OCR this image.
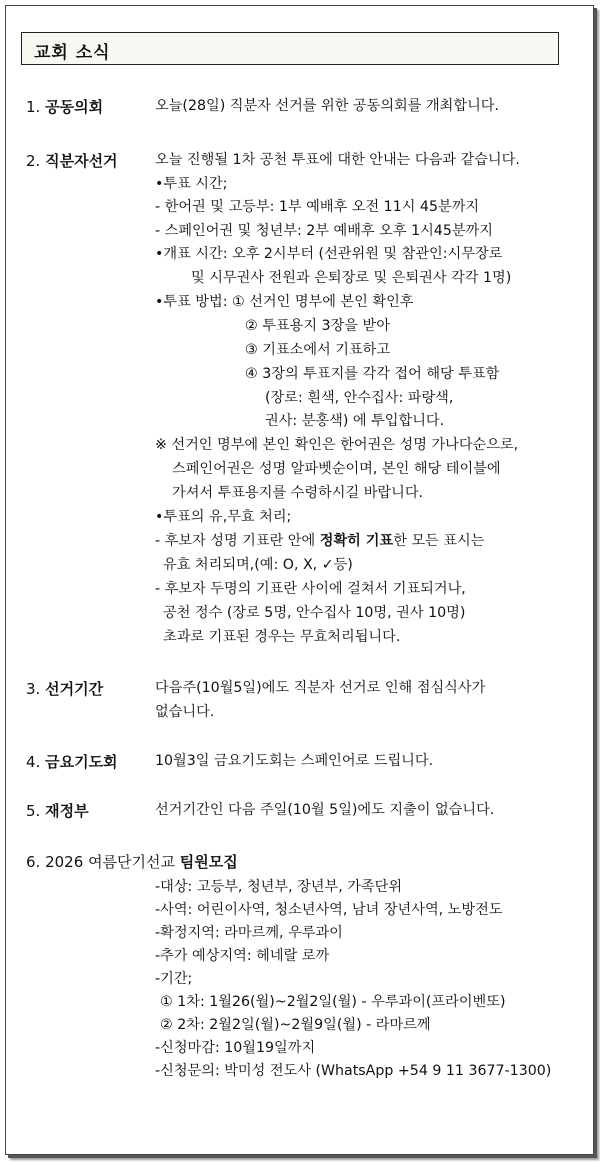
교회 소식
1. 공동의회	오늘(28일) 직분자 선거를 위한 공동의회를 개최합니다.
2. 직분자선거	오늘 진행될 1차 공천 투표에 대한 안내는 다음과 같습니다.
•투표 시간;
- 한어권 및 고등부: 1부 예배후 오전 11시 45분까지
- 스페인어권 및 청년부: 2부 예배후 오후 1시45분까지
•개표 시간: 오후 2시부터 (선관위원 및 참관인:시무장로
및 시무권사 전원과 은퇴장로 및 은퇴권사 각각 1명)
•투표 방법: ① 선거인 명부에 본인 확인후
② 투표용지 3장을 받아
③ 기표소에서 기표하고
④ 3장의 투표지를 각각 접어 해당 투표함
(장로: 흰색, 안수집사: 파랑색,
권사: 분홍색) 에 투입합니다.
※ 선거인 명부에 본인 확인은 한어권은 성명 가나다순으로,
스페인어권은 성명 알파벳순이며, 본인 해당 테이블에
가셔서 투표용지를 수령하시길 바랍니다.
•투표의 유,무효 처리;
- 후보자 성명 기표란 안에 정확히 기표한 모든 표시는
유효 처리되며,(예: O, X, ✓등)
- 후보자 두명의 기표란 사이에 걸쳐서 기표되거나,
공천 정수 (장로 5명, 안수집사 10명, 권사 10명)
초과로 기표된 경우는 무효처리됩니다.
3. 선거기간	다음주(10월5일)에도 직분자 선거로 인해 점심식사가
없습니다.
4. 금요기도회	10월3일 금요기도회는 스페인어로 드립니다.
5. 재정부	선거기간인 다음 주일(10월 5일)에도 지출이 없습니다.
6. 2026 여름단기선교 팀원모집
-대상: 고등부, 청년부, 장년부, 가족단위
-사역: 어린이사역, 청소년사역, 남녀 장년사역, 노방전도
-확정지역: 라마르께, 우루과이
-추가 예상지역: 헤네랄 로까
-기간;
① 1차: 1월26(월)~2월2일(월) - 우루과이(프라이벤또)
② 2차: 2월2일(월)~2월9일(월) - 라마르께
-신청마감: 10월19일까지
-신청문의: 박미성 전도사 (WhatsApp +54 9 11 3677-1300)
